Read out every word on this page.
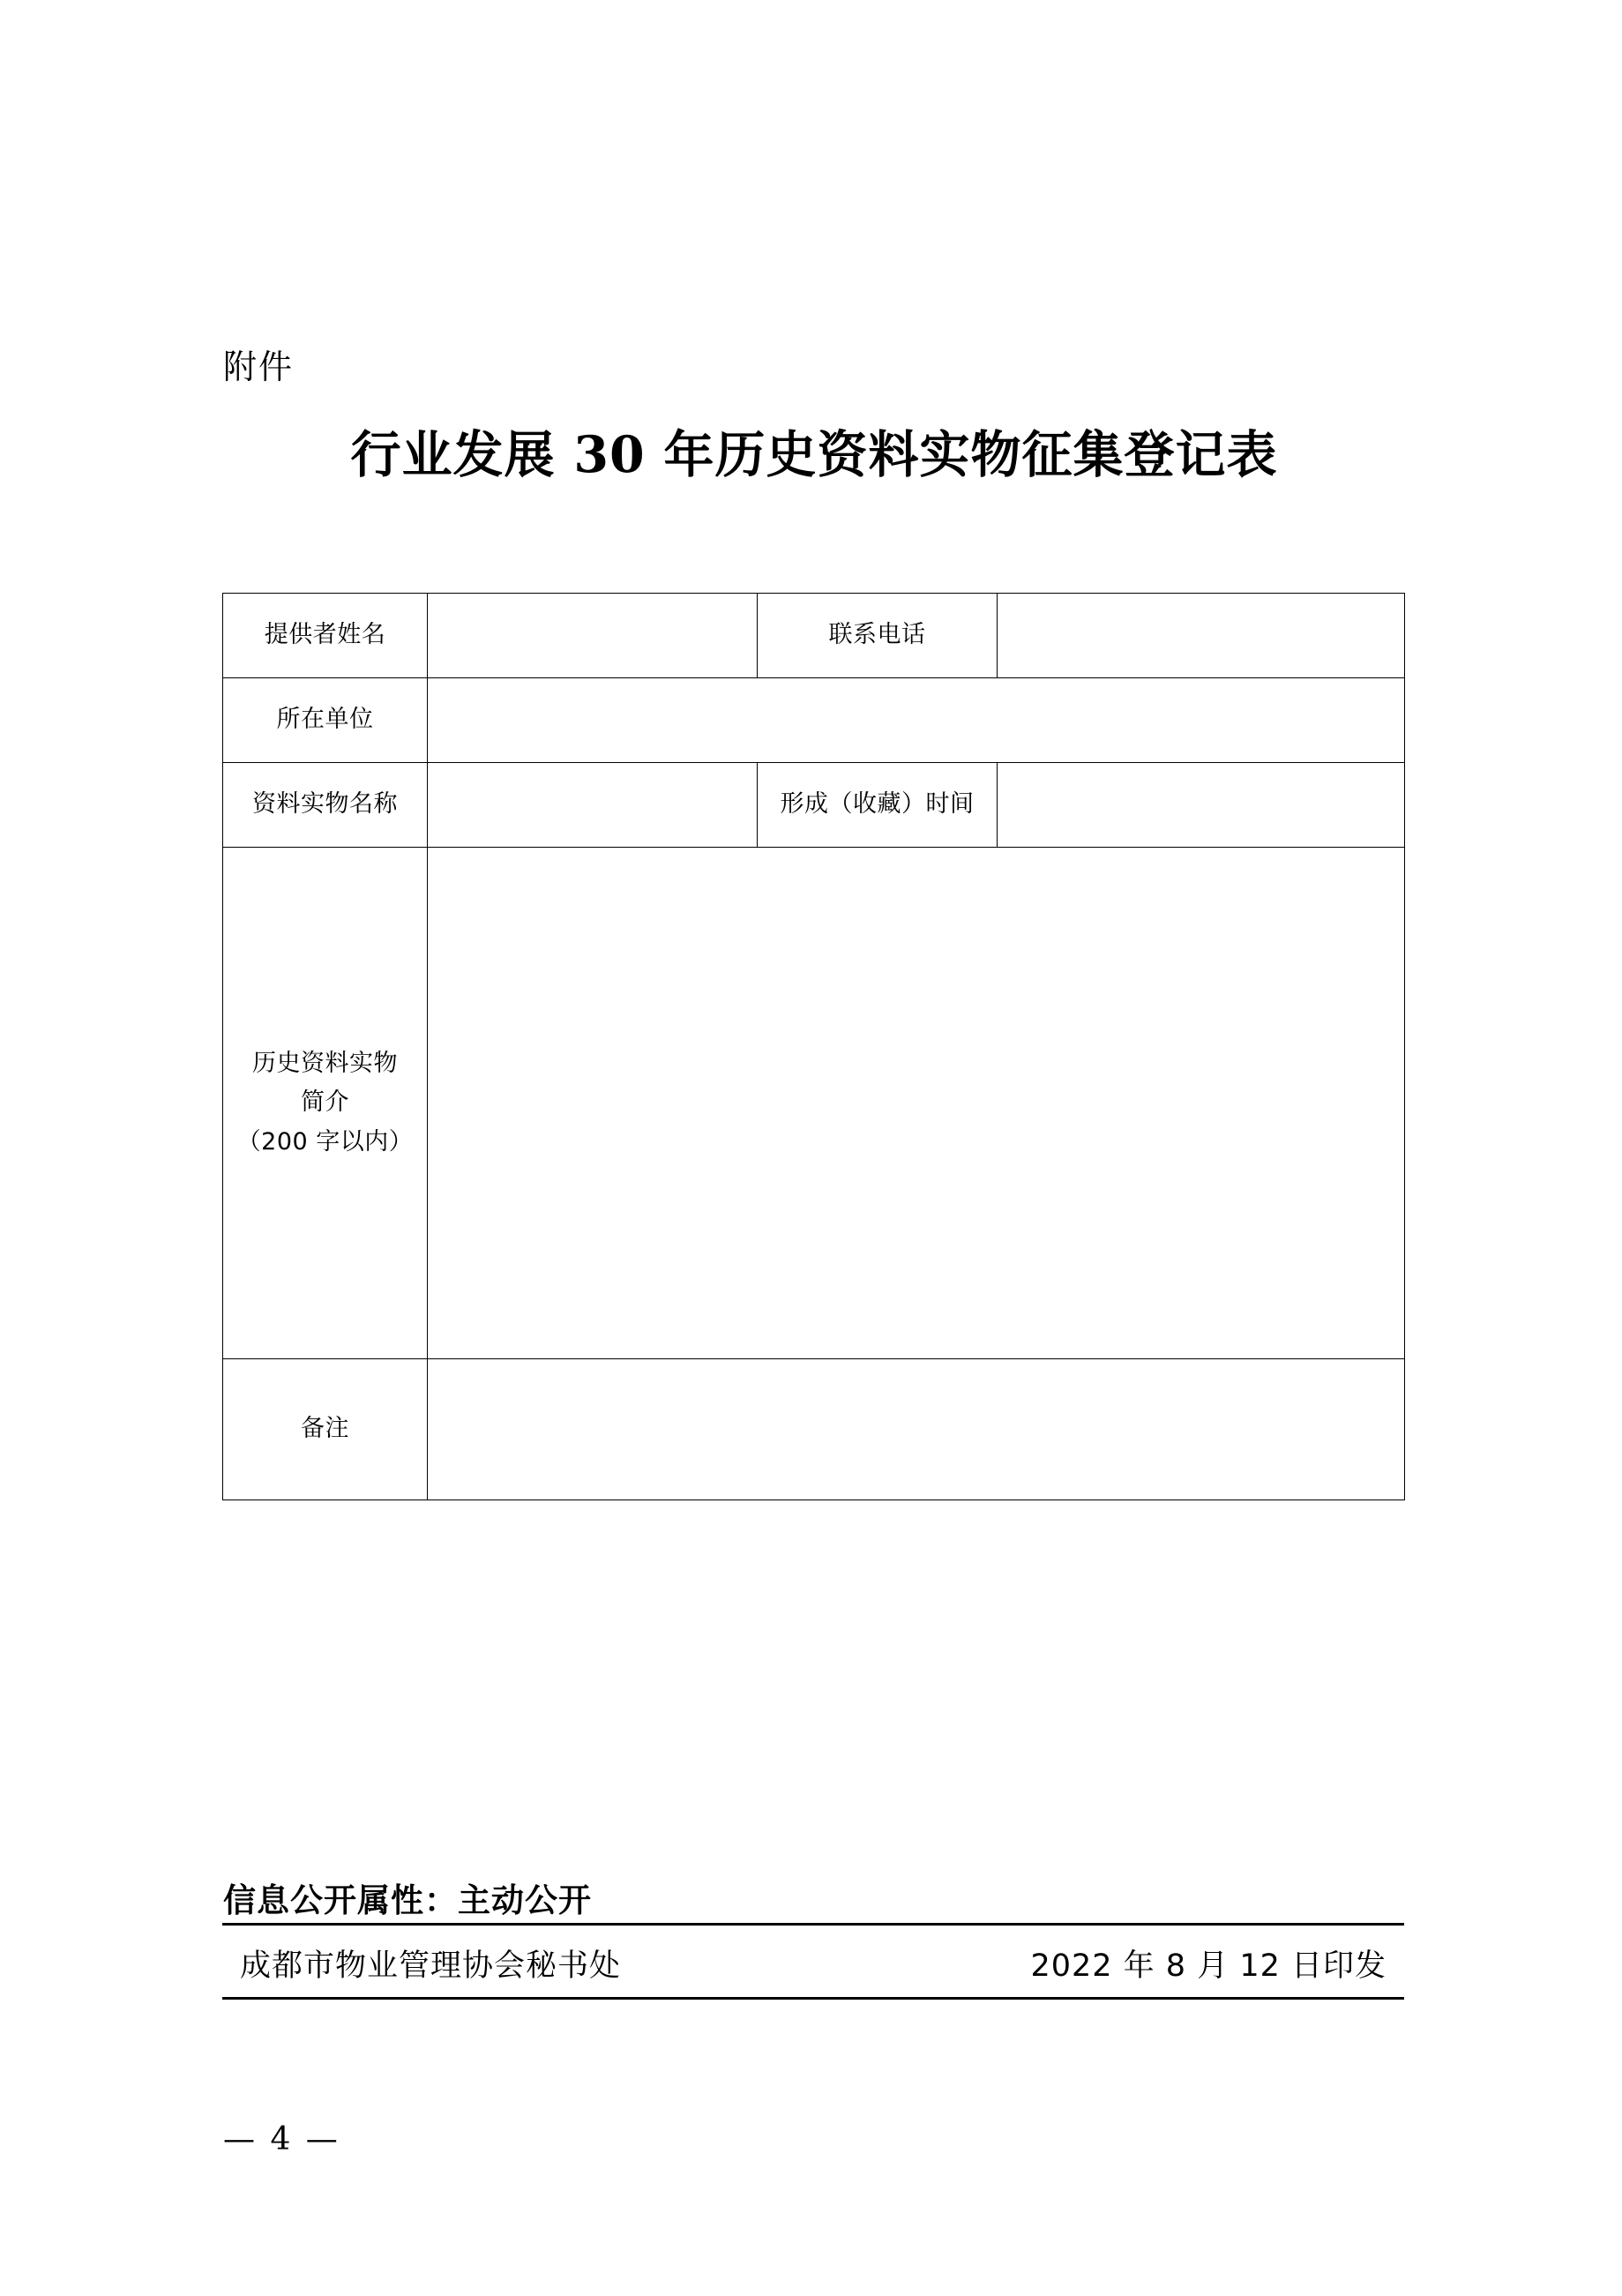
附件
行业发展 30 年历史资料实物征集登记表
提供者姓名		联系电话	
所在单位			
资料实物名称		形成（收藏）时间	

历史资料实物
简介
（200 字以内）			

备注			
信息公开属性：主动公开
成都市物业管理协会秘书处	2022 年 8 月 12 日印发
— 4 —
